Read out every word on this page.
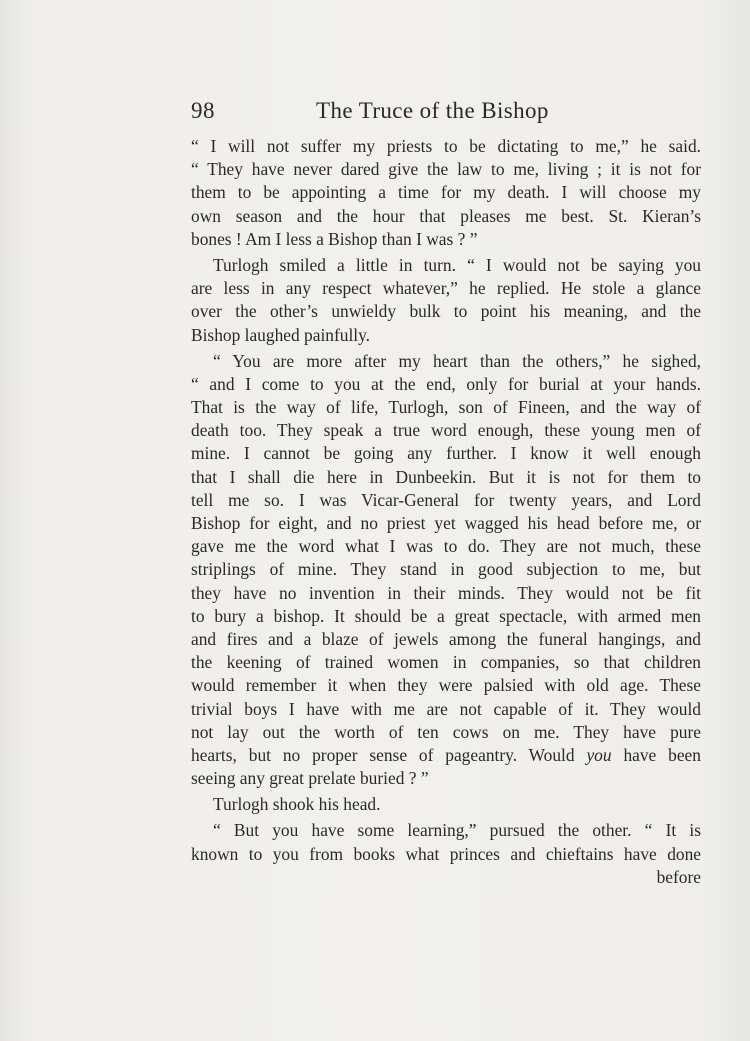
98	The Truce of the Bishop
“ I will not suffer my priests to be dictating to me,” he said.
“ They have never dared give the law to me, living ; it is not for
them to be appointing a time for my death. I will choose my
own season and the hour that pleases me best. St. Kieran’s
bones ! Am I less a Bishop than I was ? ”
Turlogh smiled a little in turn. “ I would not be saying you
are less in any respect whatever,” he replied. He stole a glance
over the other’s unwieldy bulk to point his meaning, and the
Bishop laughed painfully.
“ You are more after my heart than the others,” he sighed,
“ and I come to you at the end, only for burial at your hands.
That is the way of life, Turlogh, son of Fineen, and the way of
death too. They speak a true word enough, these young men of
mine. I cannot be going any further. I know it well enough
that I shall die here in Dunbeekin. But it is not for them to
tell me so. I was Vicar-General for twenty years, and Lord
Bishop for eight, and no priest yet wagged his head before me, or
gave me the word what I was to do. They are not much, these
striplings of mine. They stand in good subjection to me, but
they have no invention in their minds. They would not be fit
to bury a bishop. It should be a great spectacle, with armed men
and fires and a blaze of jewels among the funeral hangings, and
the keening of trained women in companies, so that children
would remember it when they were palsied with old age. These
trivial boys I have with me are not capable of it. They would
not lay out the worth of ten cows on me. They have pure
hearts, but no proper sense of pageantry. Would you have been
seeing any great prelate buried ? ”
Turlogh shook his head.
“ But you have some learning,” pursued the other. “ It is
known to you from books what princes and chieftains have done
before
